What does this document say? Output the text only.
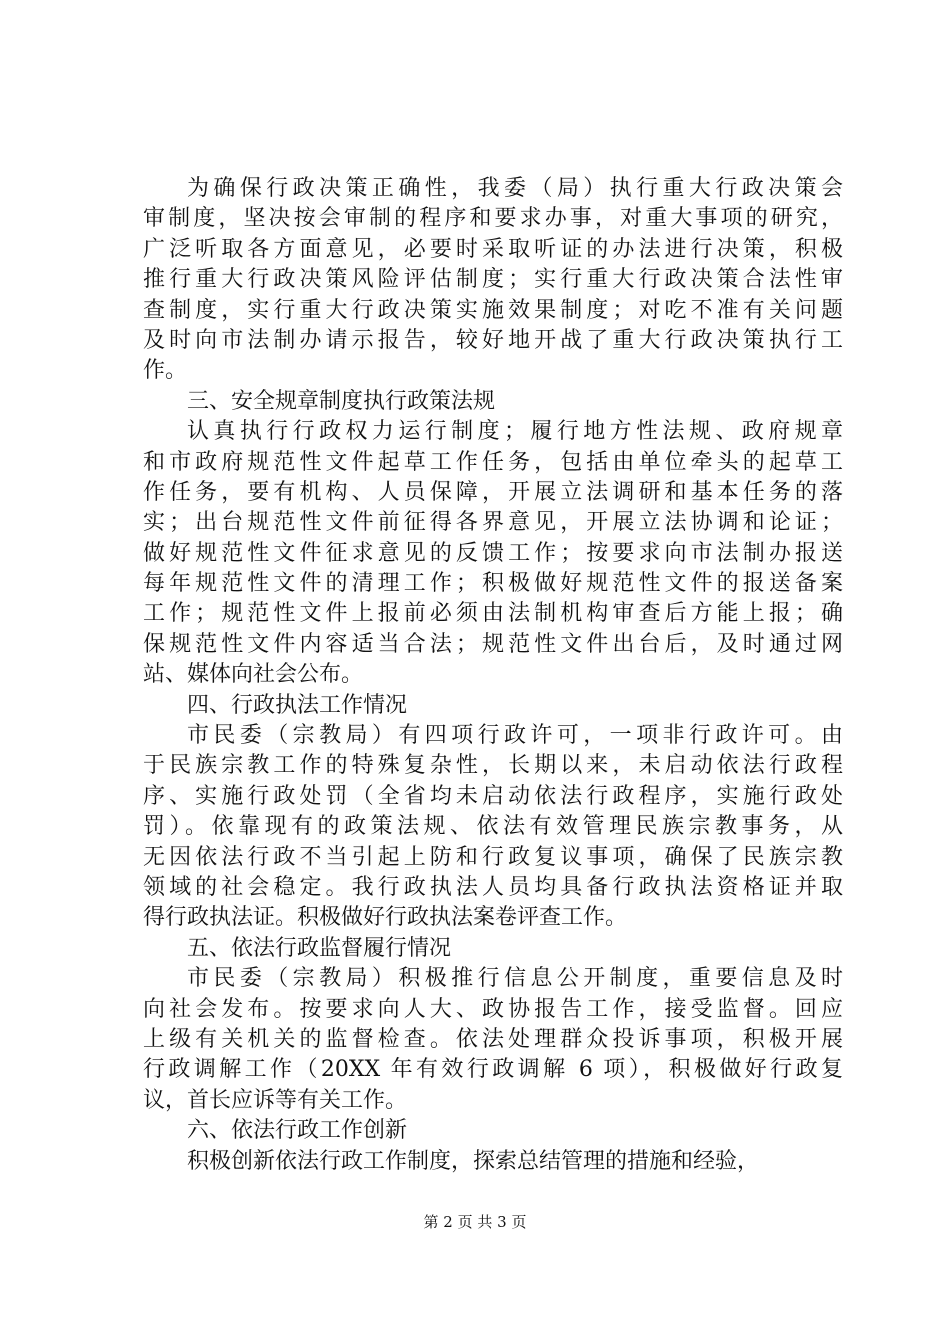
为确保行政决策正确性，我委（局）执行重大行政决策会
审制度，坚决按会审制的程序和要求办事，对重大事项的研究，
广泛听取各方面意见，必要时采取听证的办法进行决策，积极
推行重大行政决策风险评估制度；实行重大行政决策合法性审
查制度，实行重大行政决策实施效果制度；对吃不准有关问题
及时向市法制办请示报告，较好地开战了重大行政决策执行工
作。
三、安全规章制度执行政策法规
认真执行行政权力运行制度；履行地方性法规、政府规章
和市政府规范性文件起草工作任务，包括由单位牵头的起草工
作任务，要有机构、人员保障，开展立法调研和基本任务的落
实；出台规范性文件前征得各界意见，开展立法协调和论证；
做好规范性文件征求意见的反馈工作；按要求向市法制办报送
每年规范性文件的清理工作；积极做好规范性文件的报送备案
工作；规范性文件上报前必须由法制机构审查后方能上报；确
保规范性文件内容适当合法；规范性文件出台后，及时通过网
站、媒体向社会公布。
四、行政执法工作情况
市民委（宗教局）有四项行政许可，一项非行政许可。由
于民族宗教工作的特殊复杂性，长期以来，未启动依法行政程
序、实施行政处罚（全省均未启动依法行政程序，实施行政处
罚）。依靠现有的政策法规、依法有效管理民族宗教事务，从
无因依法行政不当引起上防和行政复议事项，确保了民族宗教
领域的社会稳定。我行政执法人员均具备行政执法资格证并取
得行政执法证。积极做好行政执法案卷评查工作。
五、依法行政监督履行情况
市民委（宗教局）积极推行信息公开制度，重要信息及时
向社会发布。按要求向人大、政协报告工作，接受监督。回应
上级有关机关的监督检查。依法处理群众投诉事项，积极开展
行政调解工作（20XX 年有效行政调解 6 项），积极做好行政复
议，首长应诉等有关工作。
六、依法行政工作创新
积极创新依法行政工作制度，探索总结管理的措施和经验，
第 2 页 共 3 页
